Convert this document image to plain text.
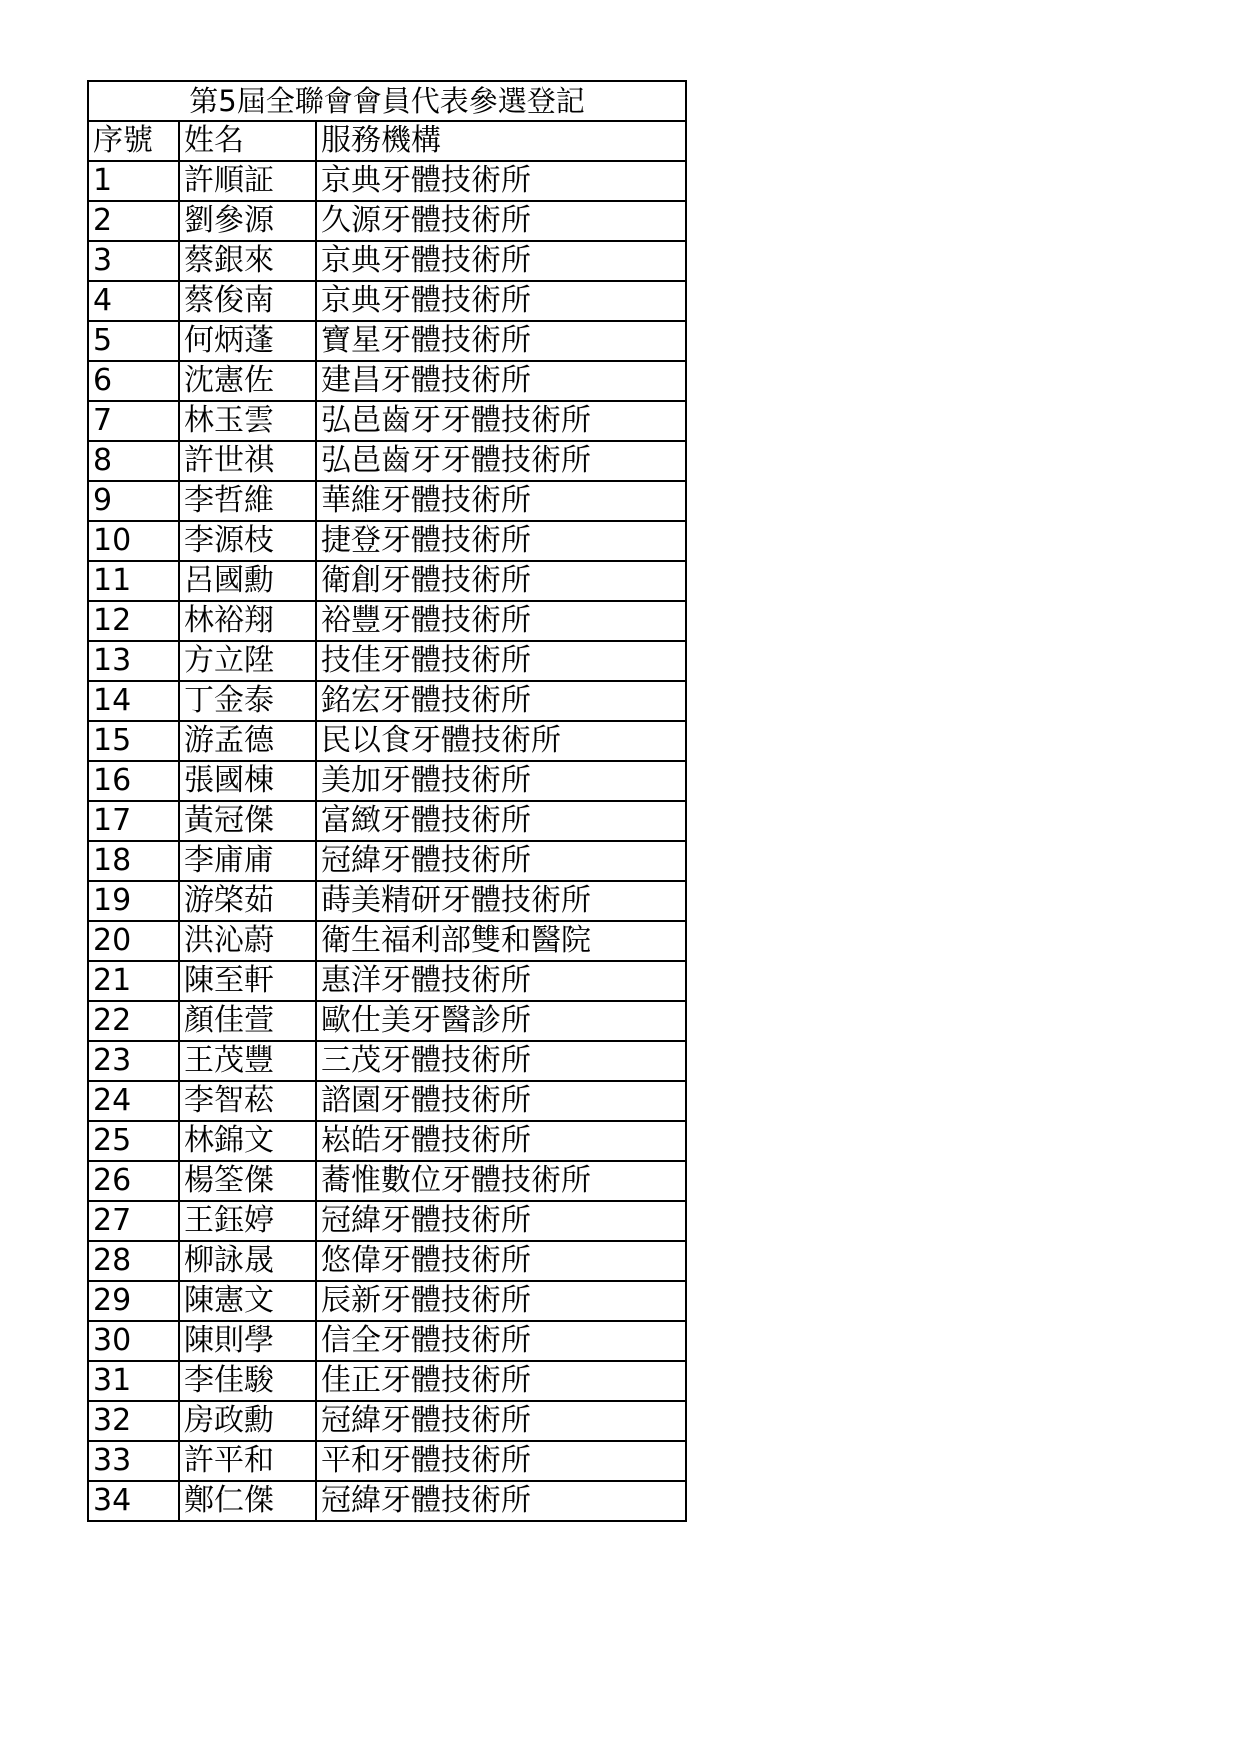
第5屆全聯會會員代表參選登記		
序號	姓名	服務機構
1	許順証	京典牙體技術所
2	劉參源	久源牙體技術所
3	蔡銀來	京典牙體技術所
4	蔡俊南	京典牙體技術所
5	何炳蓬	寶星牙體技術所
6	沈憲佐	建昌牙體技術所
7	林玉雲	弘邑齒牙牙體技術所
8	許世祺	弘邑齒牙牙體技術所
9	李哲維	華維牙體技術所
10	李源枝	捷登牙體技術所
11	呂國勳	衛創牙體技術所
12	林裕翔	裕豐牙體技術所
13	方立陞	技佳牙體技術所
14	丁金泰	銘宏牙體技術所
15	游孟德	民以食牙體技術所
16	張國棟	美加牙體技術所
17	黃冠傑	富緻牙體技術所
18	李庯庯	冠緯牙體技術所
19	游棨茹	蒔美精研牙體技術所
20	洪沁蔚	衛生福利部雙和醫院
21	陳至軒	惠洋牙體技術所
22	顏佳萱	歐仕美牙醫診所
23	王茂豐	三茂牙體技術所
24	李智菘	諮園牙體技術所
25	林錦文	崧皓牙體技術所
26	楊筌傑	蕎惟數位牙體技術所
27	王鈺婷	冠緯牙體技術所
28	柳詠晟	悠偉牙體技術所
29	陳憲文	辰新牙體技術所
30	陳則學	信全牙體技術所
31	李佳駿	佳正牙體技術所
32	房政勳	冠緯牙體技術所
33	許平和	平和牙體技術所
34	鄭仁傑	冠緯牙體技術所
